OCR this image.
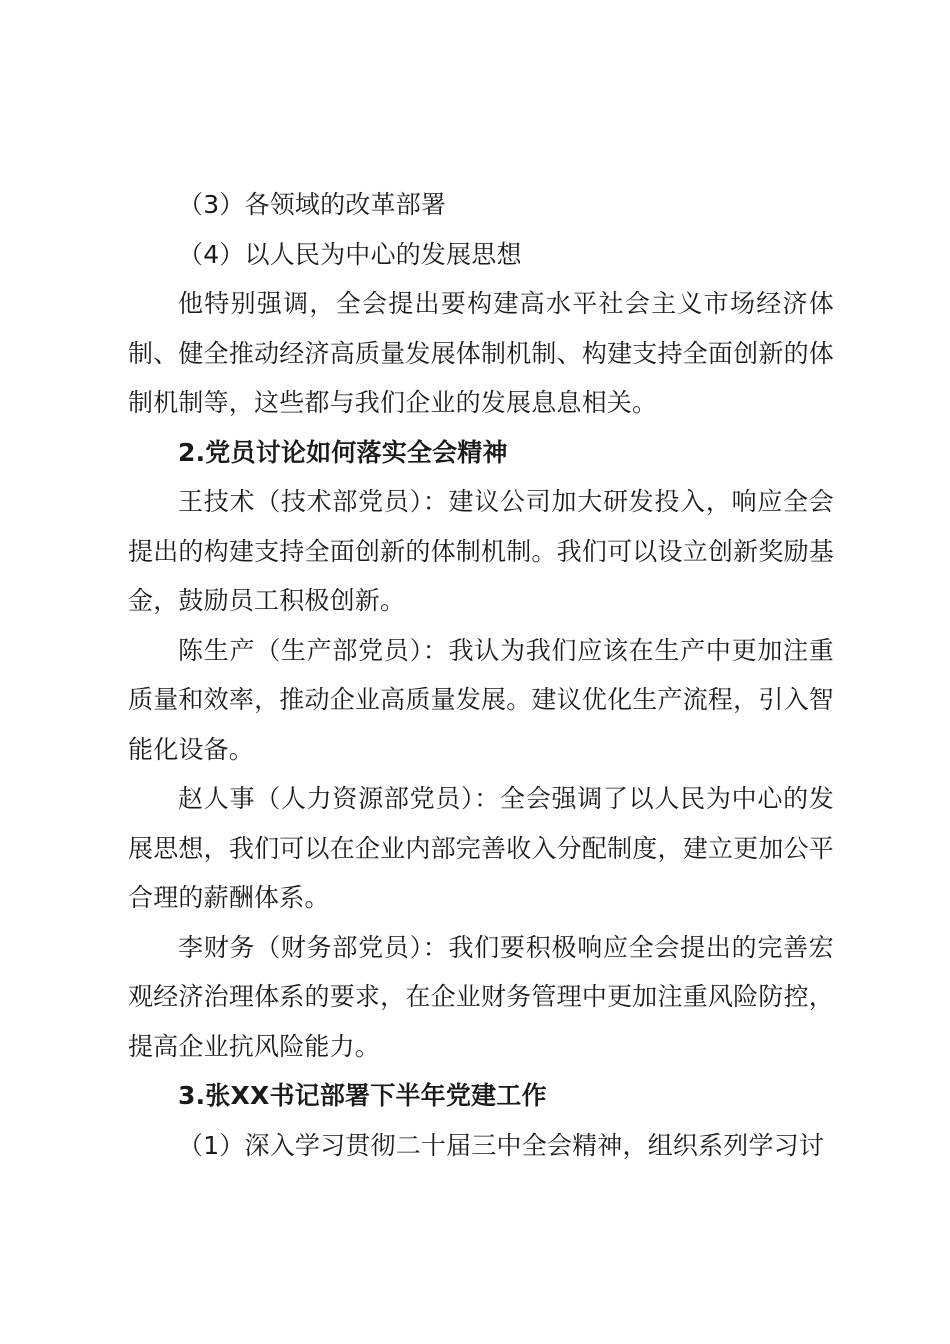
（3）各领域的改革部署

（4）以人民为中心的发展思想

他特别强调，全会提出要构建高水平社会主义市场经济体制、健全推动经济高质量发展体制机制、构建支持全面创新的体制机制等，这些都与我们企业的发展息息相关。

2.党员讨论如何落实全会精神

王技术（技术部党员）：建议公司加大研发投入，响应全会提出的构建支持全面创新的体制机制。我们可以设立创新奖励基金，鼓励员工积极创新。

陈生产（生产部党员）：我认为我们应该在生产中更加注重质量和效率，推动企业高质量发展。建议优化生产流程，引入智能化设备。

赵人事（人力资源部党员）：全会强调了以人民为中心的发展思想，我们可以在企业内部完善收入分配制度，建立更加公平合理的薪酬体系。

李财务（财务部党员）：我们要积极响应全会提出的完善宏观经济治理体系的要求，在企业财务管理中更加注重风险防控，提高企业抗风险能力。

3.张XX书记部署下半年党建工作

（1）深入学习贯彻二十届三中全会精神，组织系列学习讨
